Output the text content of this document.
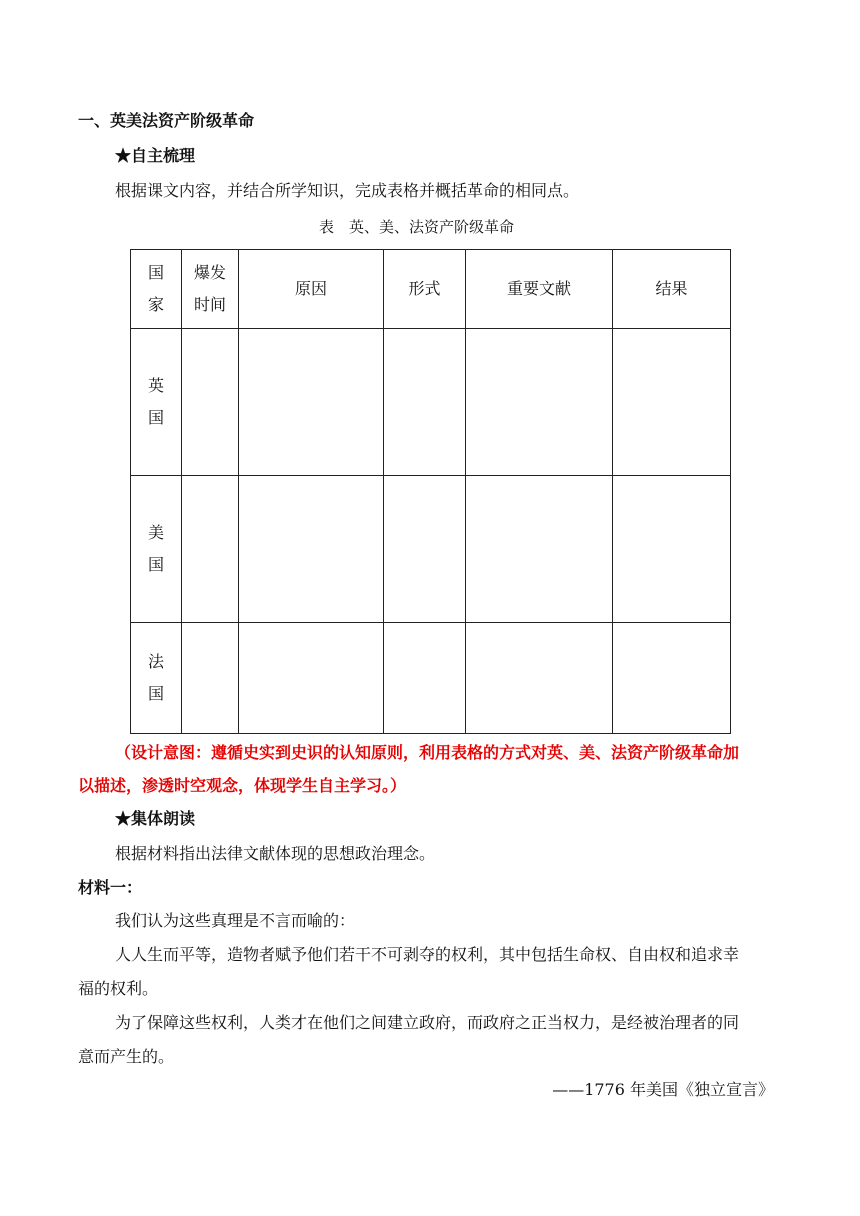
一、英美法资产阶级革命
★自主梳理
根据课文内容，并结合所学知识，完成表格并概括革命的相同点。
表　英、美、法资产阶级革命
国家	爆发时间	原因	形式	重要文献	结果
英国					
美国					
法国					
（设计意图：遵循史实到史识的认知原则，利用表格的方式对英、美、法资产阶级革命加
以描述，渗透时空观念，体现学生自主学习。）
★集体朗读
根据材料指出法律文献体现的思想政治理念。
材料一：
我们认为这些真理是不言而喻的：
人人生而平等，造物者赋予他们若干不可剥夺的权利，其中包括生命权、自由权和追求幸
福的权利。
为了保障这些权利，人类才在他们之间建立政府，而政府之正当权力，是经被治理者的同
意而产生的。
——1776 年美国《独立宣言》
